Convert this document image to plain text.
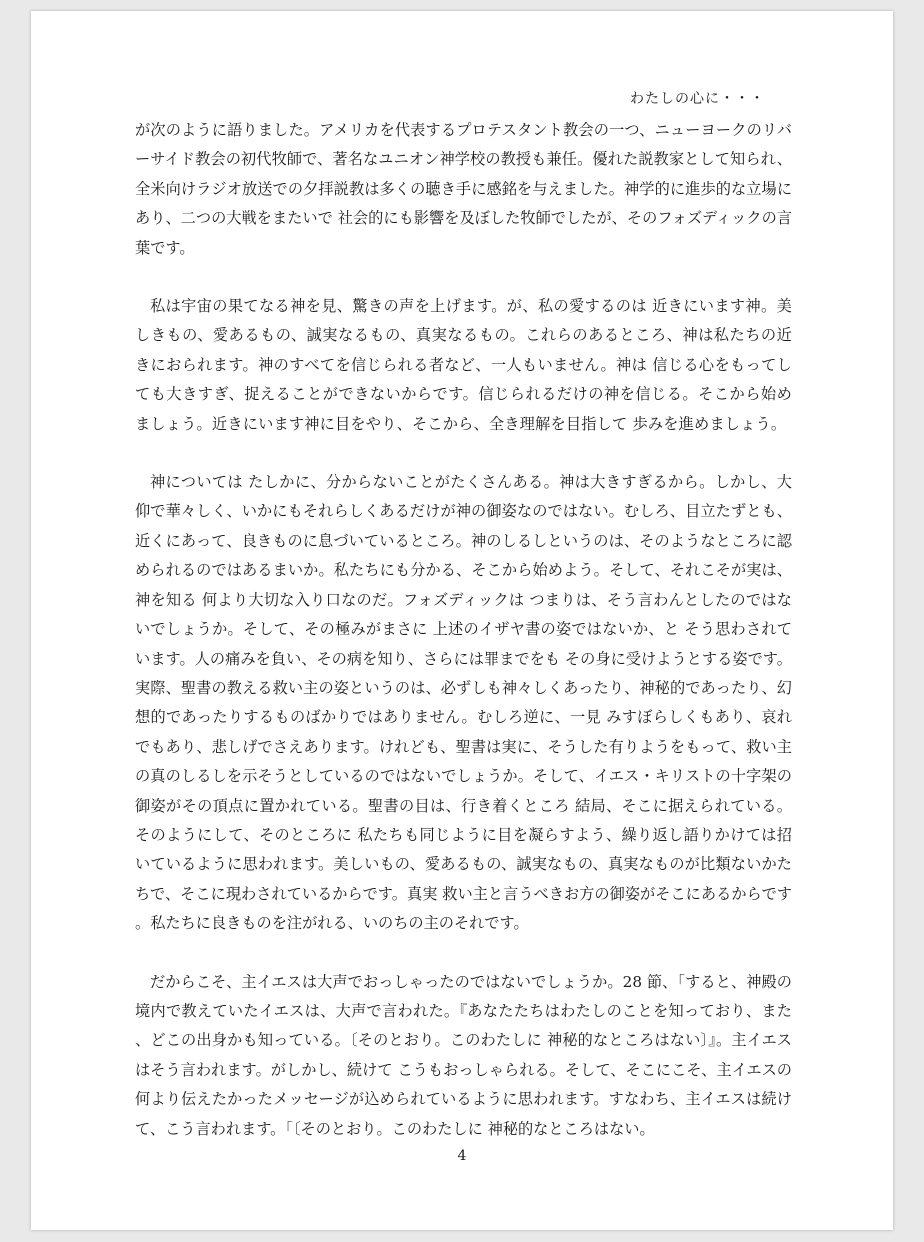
わたしの心に・・・

が次のように語りました。アメリカを代表するプロテスタント教会の一つ、ニューヨークのリバーサイド教会の初代牧師で、著名なユニオン神学校の教授も兼任。優れた説教家として知られ、全米向けラジオ放送での夕拝説教は多くの聴き手に感銘を与えました。神学的に進歩的な立場にあり、二つの大戦をまたいで 社会的にも影響を及ぼした牧師でしたが、そのフォズディックの言葉です。

私は宇宙の果てなる神を見、驚きの声を上げます。が、私の愛するのは 近きにいます神。美しきもの、愛あるもの、誠実なるもの、真実なるもの。これらのあるところ、神は私たちの近きにおられます。神のすべてを信じられる者など、一人もいません。神は 信じる心をもってしても大きすぎ、捉えることができないからです。信じられるだけの神を信じる。そこから始めましょう。近きにいます神に目をやり、そこから、全き理解を目指して 歩みを進めましょう。

神については たしかに、分からないことがたくさんある。神は大きすぎるから。しかし、大仰で華々しく、いかにもそれらしくあるだけが神の御姿なのではない。むしろ、目立たずとも、近くにあって、良きものに息づいているところ。神のしるしというのは、そのようなところに認められるのではあるまいか。私たちにも分かる、そこから始めよう。そして、それこそが実は、神を知る 何より大切な入り口なのだ。フォズディックは つまりは、そう言わんとしたのではないでしょうか。そして、その極みがまさに 上述のイザヤ書の姿ではないか、と そう思わされています。人の痛みを負い、その病を知り、さらには罪までをも その身に受けようとする姿です。実際、聖書の教える救い主の姿というのは、必ずしも神々しくあったり、神秘的であったり、幻想的であったりするものばかりではありません。むしろ逆に、一見 みすぼらしくもあり、哀れでもあり、悲しげでさえあります。けれども、聖書は実に、そうした有りようをもって、救い主の真のしるしを示そうとしているのではないでしょうか。そして、イエス・キリストの十字架の御姿がその頂点に置かれている。聖書の目は、行き着くところ 結局、そこに据えられている。そのようにして、そのところに 私たちも同じように目を凝らすよう、繰り返し語りかけては招いているように思われます。美しいもの、愛あるもの、誠実なもの、真実なものが比類ないかたちで、そこに現わされているからです。真実 救い主と言うべきお方の御姿がそこにあるからです。私たちに良きものを注がれる、いのちの主のそれです。

だからこそ、主イエスは大声でおっしゃったのではないでしょうか。28 節、「すると、神殿の境内で教えていたイエスは、大声で言われた。『あなたたちはわたしのことを知っており、また、どこの出身かも知っている。〔そのとおり。このわたしに 神秘的なところはない〕』。主イエスはそう言われます。がしかし、続けて こうもおっしゃられる。そして、そこにこそ、主イエスの何より伝えたかったメッセージが込められているように思われます。すなわち、主イエスは続けて、こう言われます。「〔そのとおり。このわたしに 神秘的なところはない。

4
